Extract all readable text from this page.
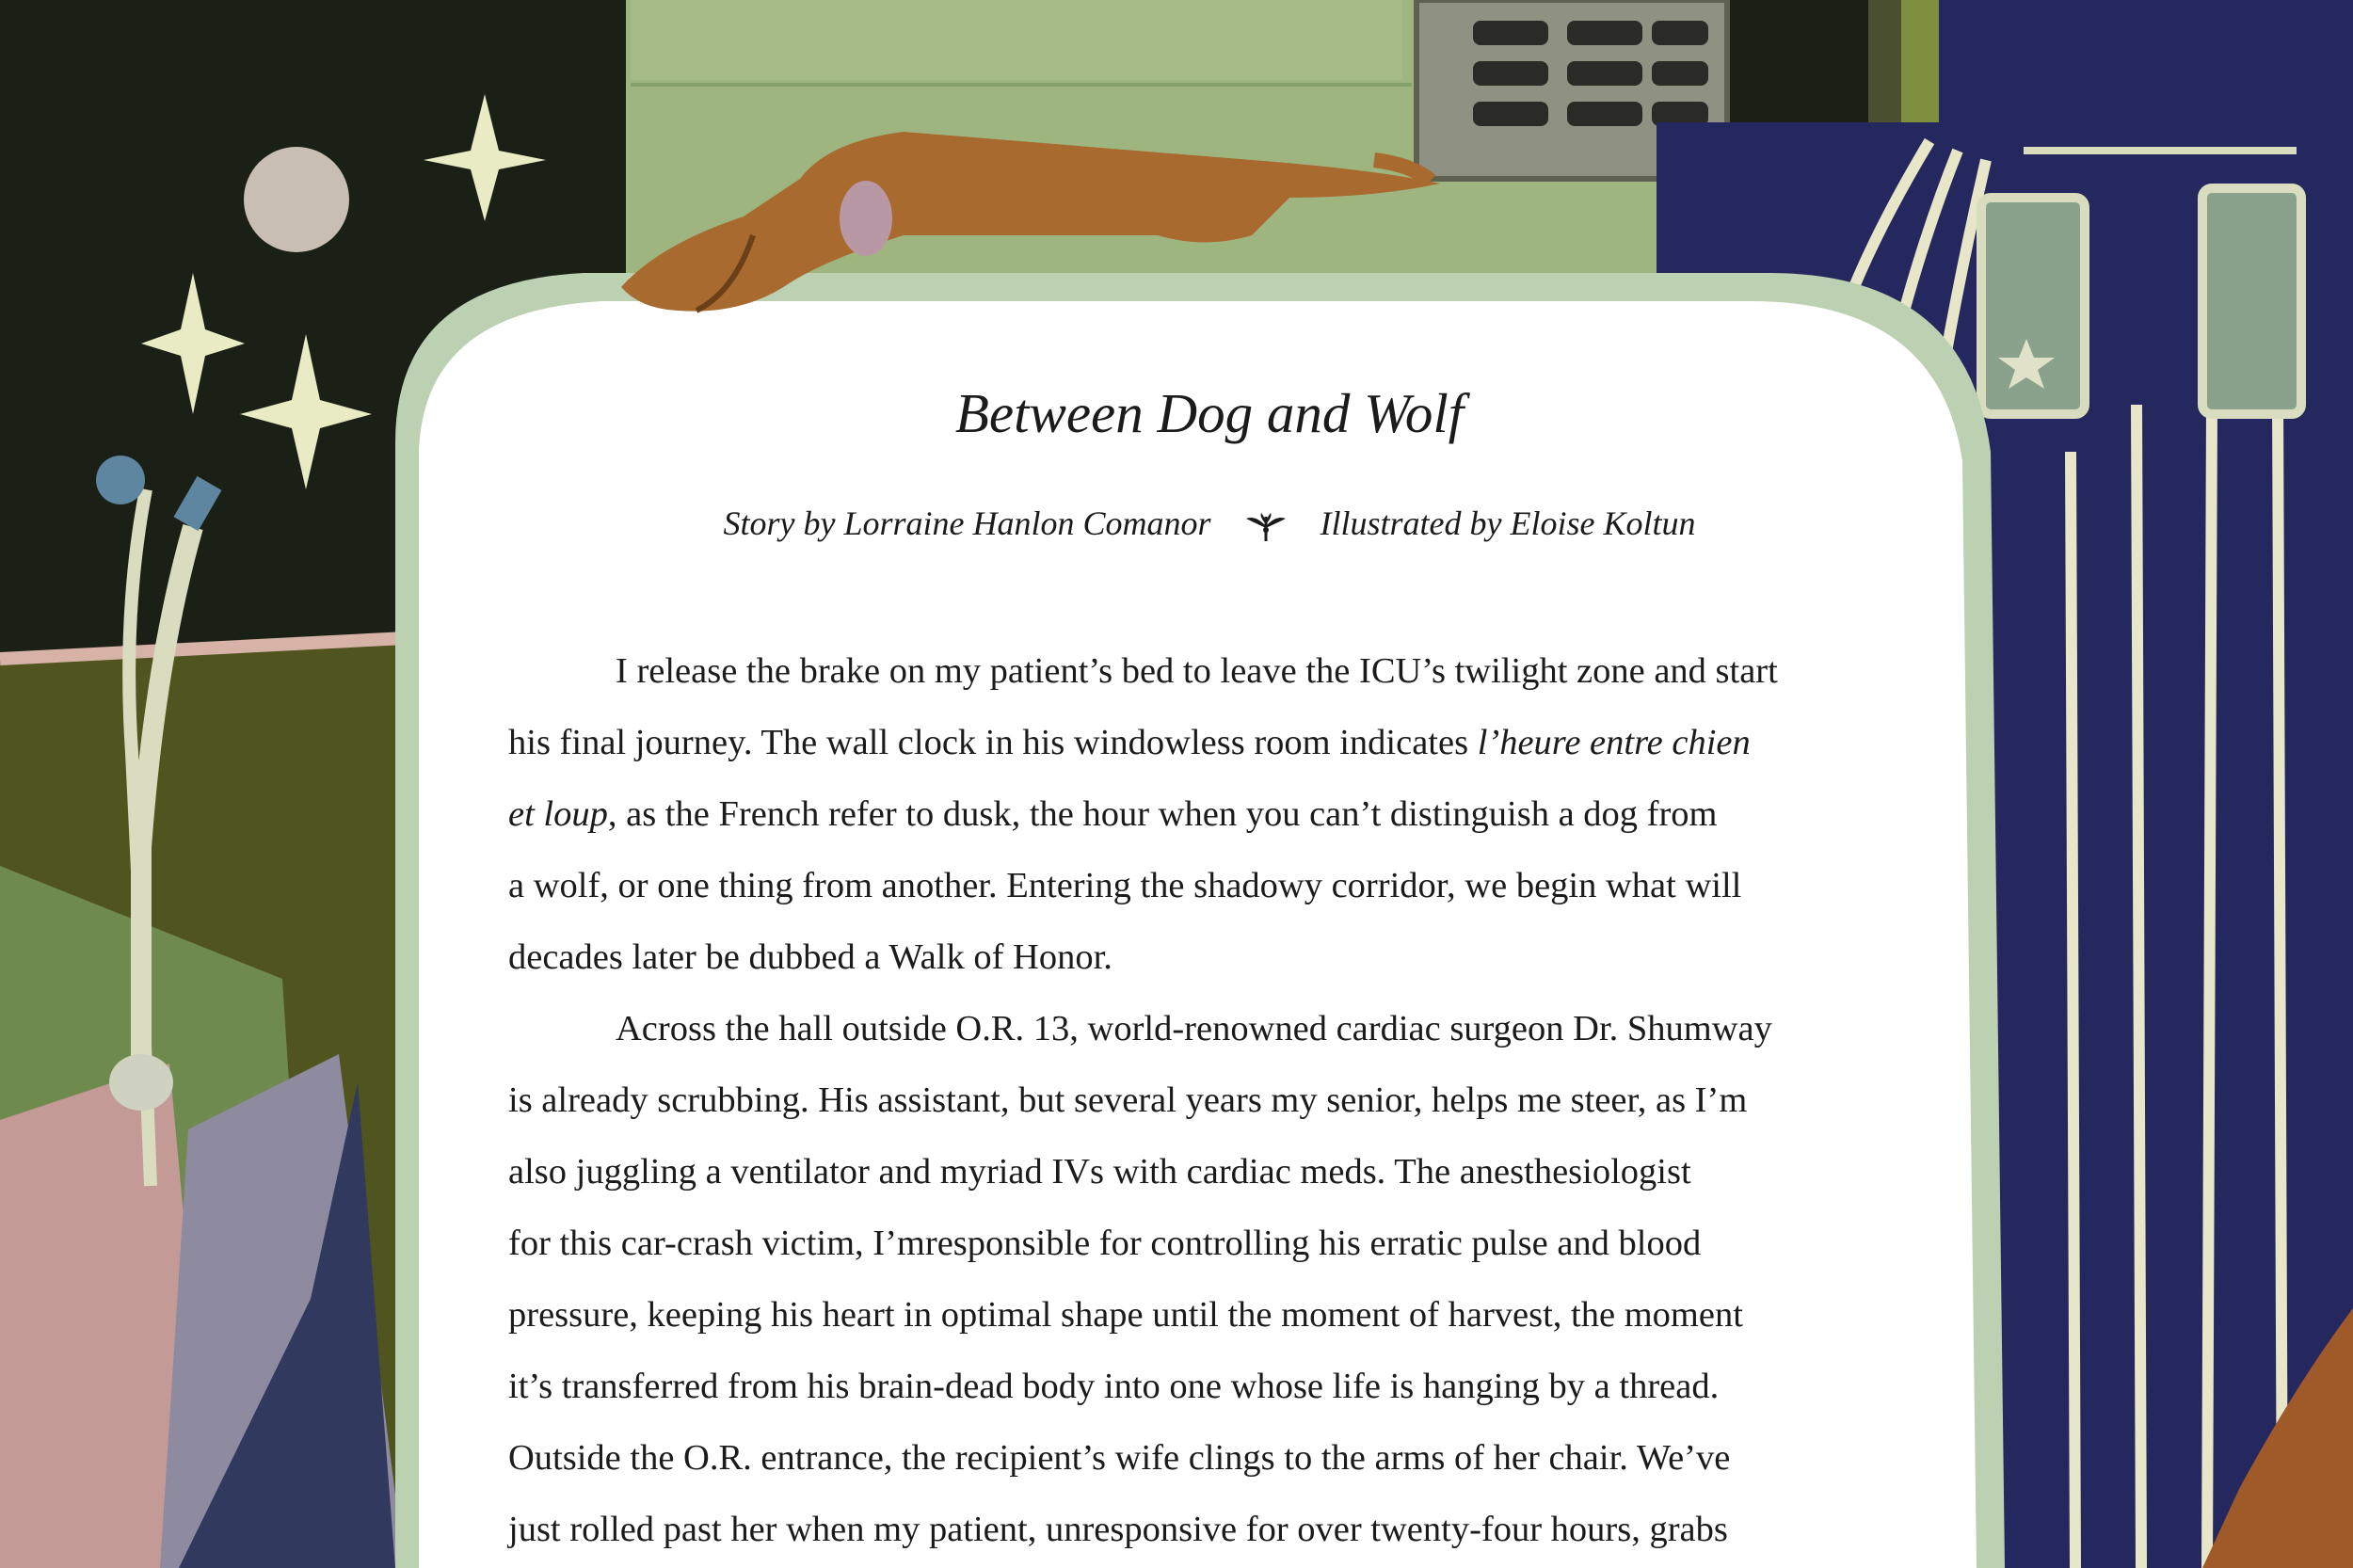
Between Dog and Wolf
Story by Lorraine Hanlon Comanor	Illustrated by Eloise Koltun
I release the brake on my patient’s bed to leave the ICU’s twilight zone and start
his final journey. The wall clock in his windowless room indicates l’heure entre chien
et loup, as the French refer to dusk, the hour when you can’t distinguish a dog from
a wolf, or one thing from another. Entering the shadowy corridor, we begin what will
decades later be dubbed a Walk of Honor.
Across the hall outside O.R. 13, world-renowned cardiac surgeon Dr. Shumway
is already scrubbing. His assistant, but several years my senior, helps me steer, as I’m
also juggling a ventilator and myriad IVs with cardiac meds. The anesthesiologist
for this car-crash victim, I’mresponsible for controlling his erratic pulse and blood
pressure, keeping his heart in optimal shape until the moment of harvest, the moment
it’s transferred from his brain-dead body into one whose life is hanging by a thread.
Outside the O.R. entrance, the recipient’s wife clings to the arms of her chair. We’ve
just rolled past her when my patient, unresponsive for over twenty-four hours, grabs
